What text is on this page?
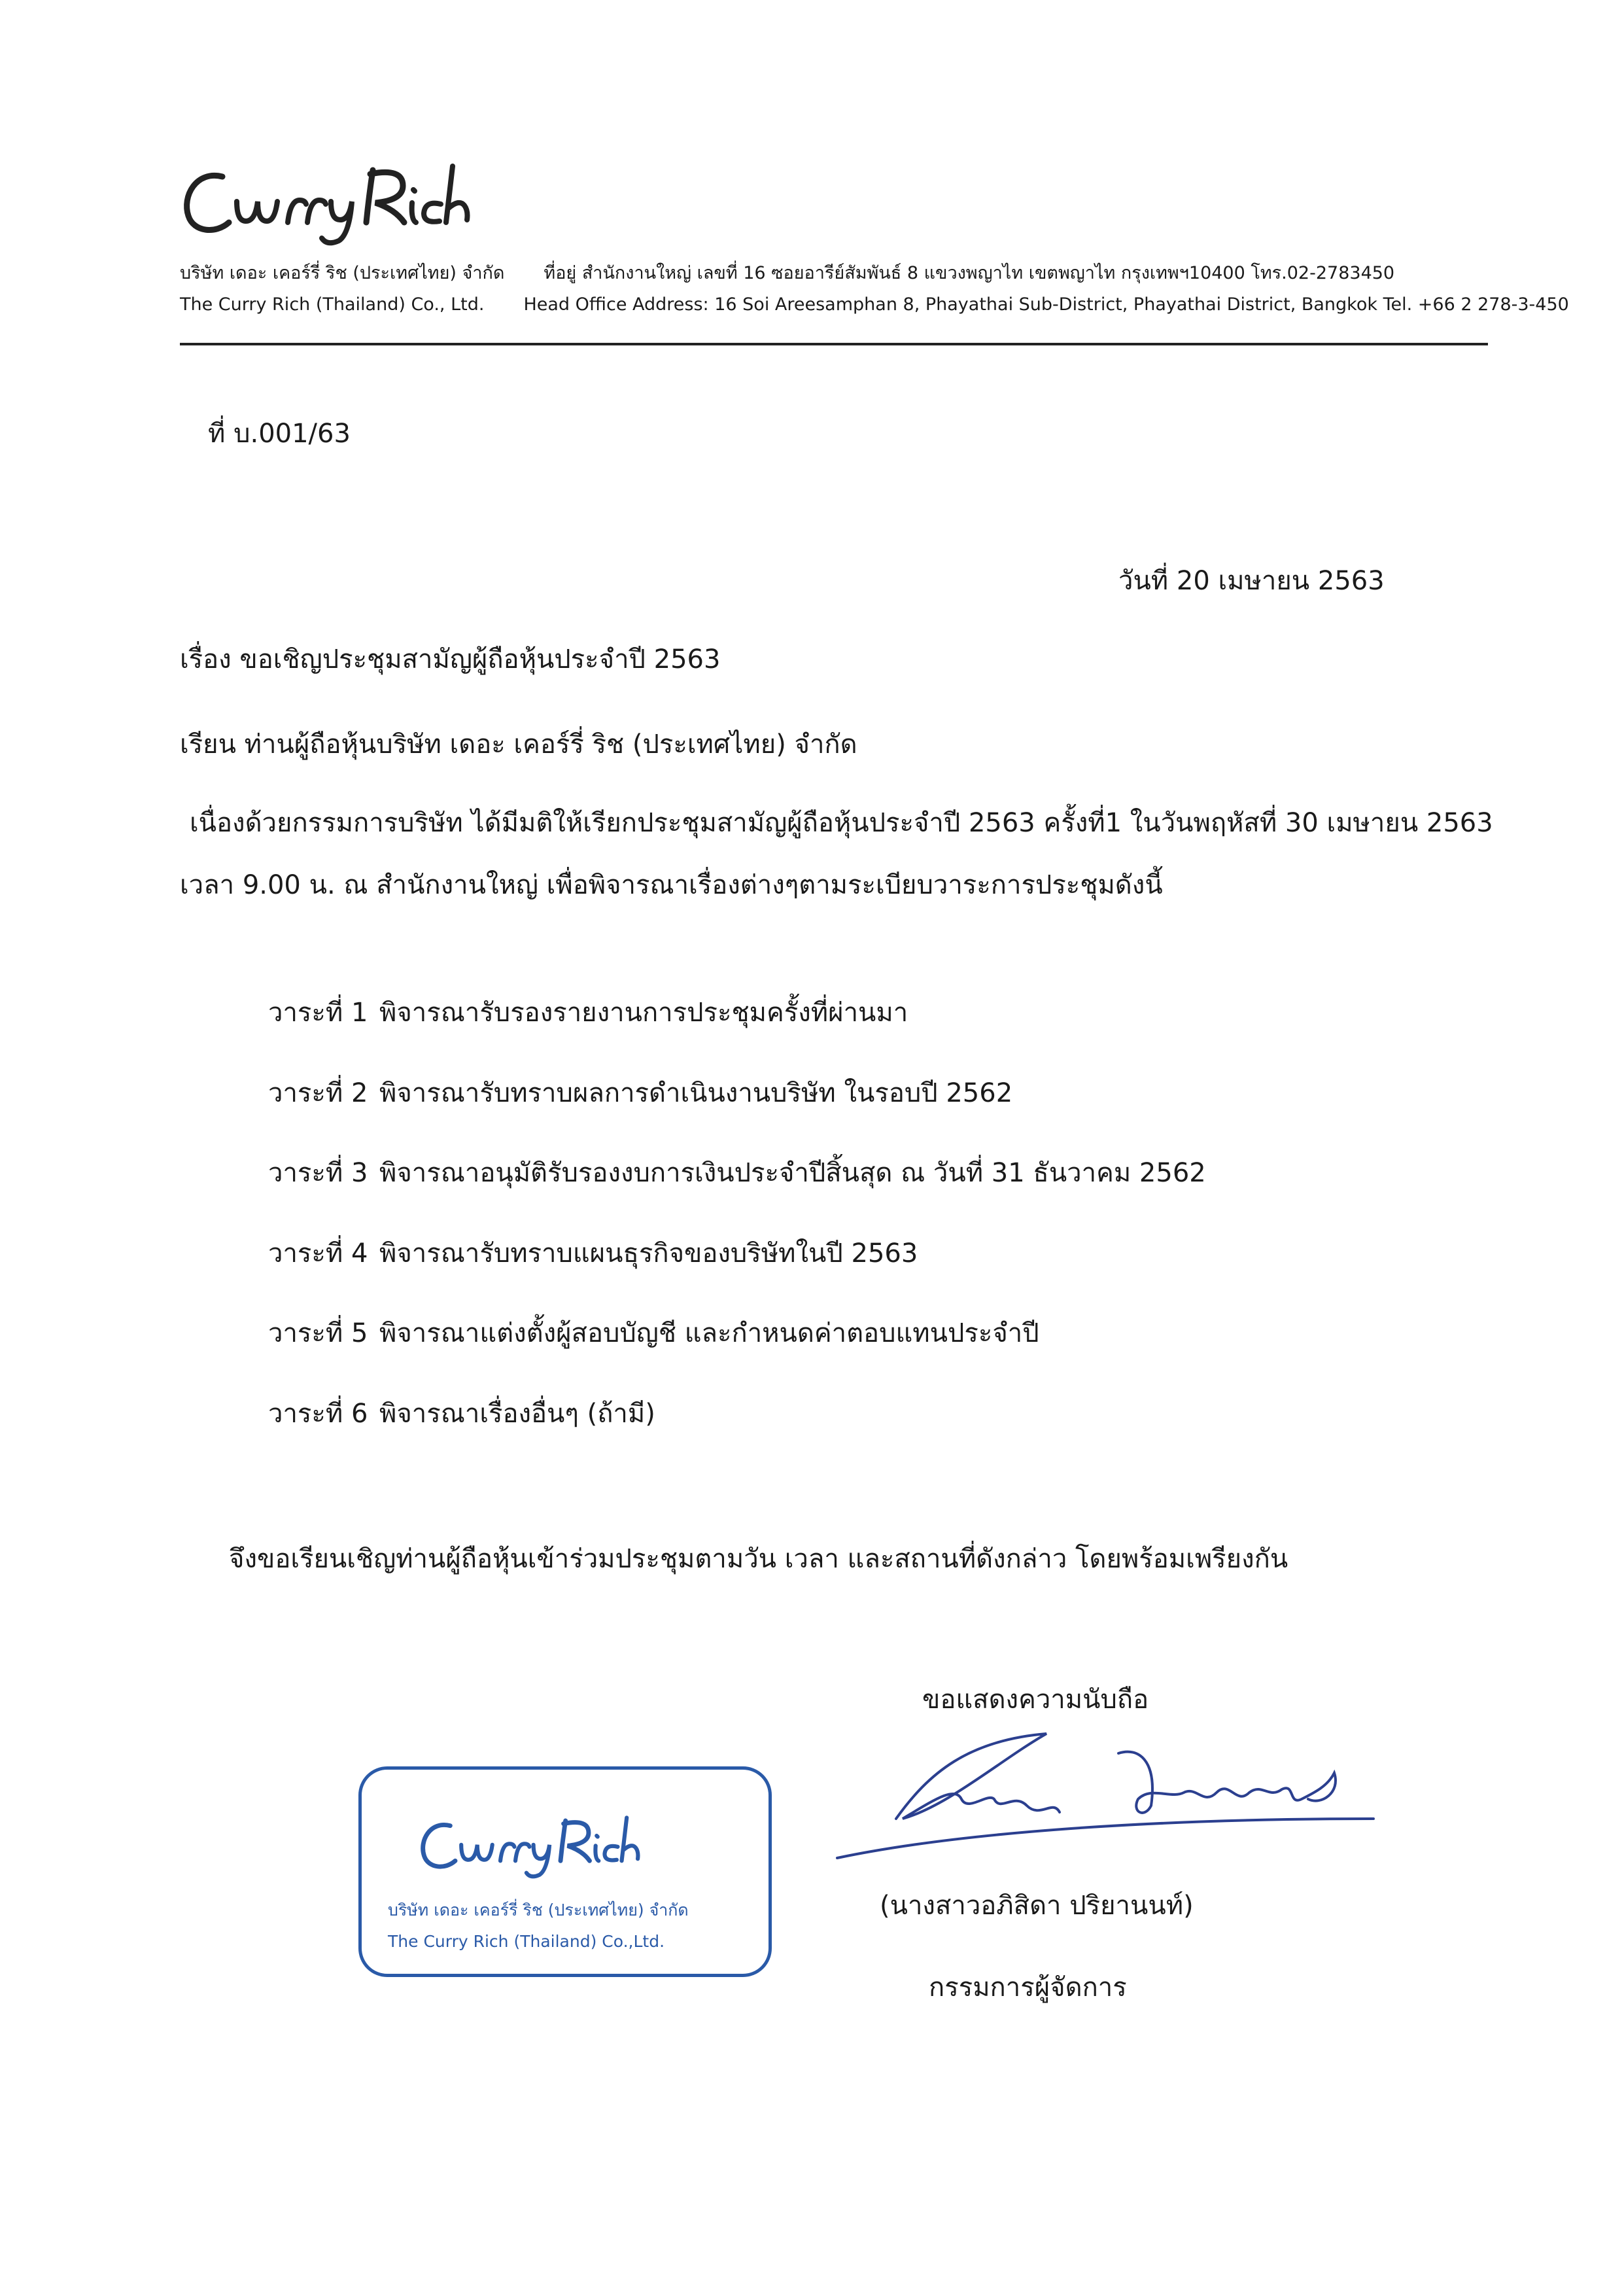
บริษัท เดอะ เคอร์รี่ ริช (ประเทศไทย) จำกัด ที่อยู่ สำนักงานใหญ่ เลขที่ 16 ซอยอารีย์สัมพันธ์ 8 แขวงพญาไท เขตพญาไท กรุงเทพฯ10400 โทร.02-2783450
The Curry Rich (Thailand) Co., Ltd. Head Office Address: 16 Soi Areesamphan 8, Phayathai Sub-District, Phayathai District, Bangkok Tel. +66 2 278-3-450
ที่ บ.001/63
วันที่ 20 เมษายน 2563
เรื่อง ขอเชิญประชุมสามัญผู้ถือหุ้นประจำปี 2563
เรียน ท่านผู้ถือหุ้นบริษัท เดอะ เคอร์รี่ ริช (ประเทศไทย) จำกัด
เนื่องด้วยกรรมการบริษัท ได้มีมติให้เรียกประชุมสามัญผู้ถือหุ้นประจำปี 2563 ครั้งที่1 ในวันพฤหัสที่ 30 เมษายน 2563
เวลา 9.00 น. ณ สำนักงานใหญ่ เพื่อพิจารณาเรื่องต่างๆตามระเบียบวาระการประชุมดังนี้
วาระที่ 1 พิจารณารับรองรายงานการประชุมครั้งที่ผ่านมา
วาระที่ 2 พิจารณารับทราบผลการดำเนินงานบริษัท ในรอบปี 2562
วาระที่ 3 พิจารณาอนุมัติรับรองงบการเงินประจำปีสิ้นสุด ณ วันที่ 31 ธันวาคม 2562
วาระที่ 4 พิจารณารับทราบแผนธุรกิจของบริษัทในปี 2563
วาระที่ 5 พิจารณาแต่งตั้งผู้สอบบัญชี และกำหนดค่าตอบแทนประจำปี
วาระที่ 6 พิจารณาเรื่องอื่นๆ (ถ้ามี)
จึงขอเรียนเชิญท่านผู้ถือหุ้นเข้าร่วมประชุมตามวัน เวลา และสถานที่ดังกล่าว โดยพร้อมเพรียงกัน
ขอแสดงความนับถือ
(นางสาวอภิสิดา ปริยานนท์)
กรรมการผู้จัดการ
บริษัท เดอะ เคอร์รี่ ริช (ประเทศไทย) จำกัด
The Curry Rich (Thailand) Co.,Ltd.
